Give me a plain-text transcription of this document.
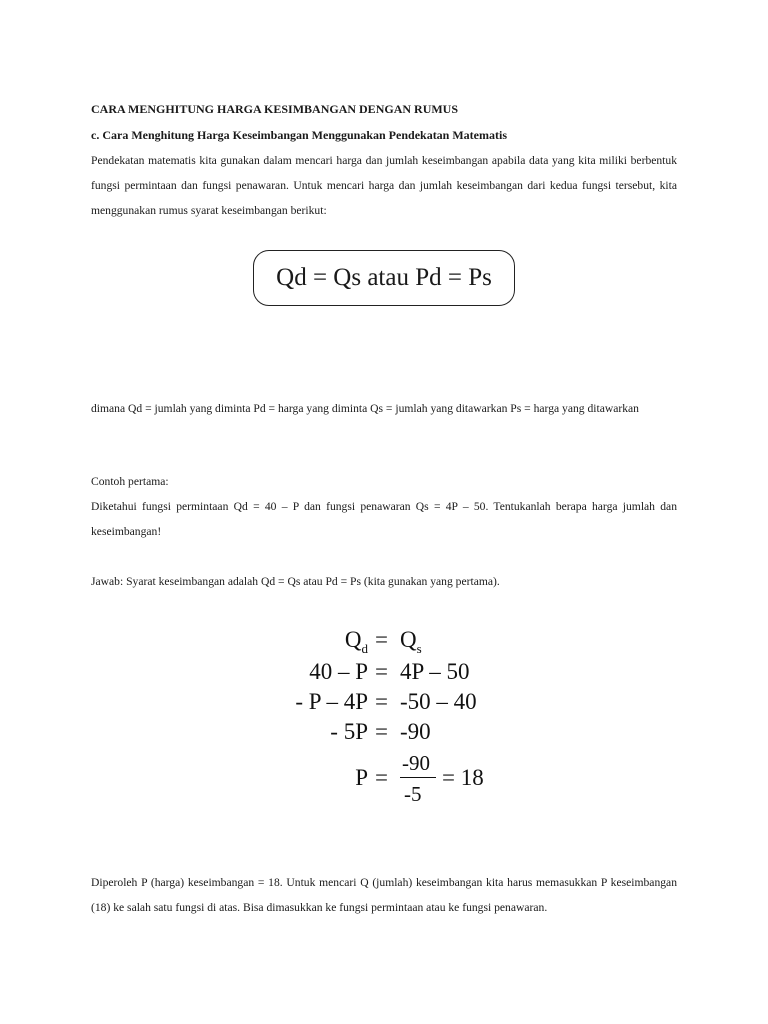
CARA MENGHITUNG HARGA KESIMBANGAN DENGAN RUMUS
c. Cara Menghitung Harga Keseimbangan Menggunakan Pendekatan Matematis
Pendekatan matematis kita gunakan dalam mencari harga dan jumlah keseimbangan apabila data yang kita miliki berbentuk fungsi permintaan dan fungsi penawaran. Untuk mencari harga dan jumlah keseimbangan dari kedua fungsi tersebut, kita menggunakan rumus syarat keseimbangan berikut:
Qd = Qs atau Pd = Ps
dimana Qd = jumlah yang diminta Pd = harga yang diminta Qs = jumlah yang ditawarkan Ps = harga yang ditawarkan
Contoh pertama:
Diketahui fungsi permintaan Qd = 40 – P dan fungsi penawaran Qs = 4P – 50. Tentukanlah berapa harga jumlah dan keseimbangan!
Jawab: Syarat keseimbangan adalah Qd = Qs atau Pd = Ps (kita gunakan yang pertama).
$Q_d = Q_s$
40 – P = 4P – 50
- P – 4P = -50 – 40
- 5P = -90
P =
-90
-5
= 18
Diperoleh P (harga) keseimbangan = 18. Untuk mencari Q (jumlah) keseimbangan kita harus memasukkan P keseimbangan (18) ke salah satu fungsi di atas. Bisa dimasukkan ke fungsi permintaan atau ke fungsi penawaran.
